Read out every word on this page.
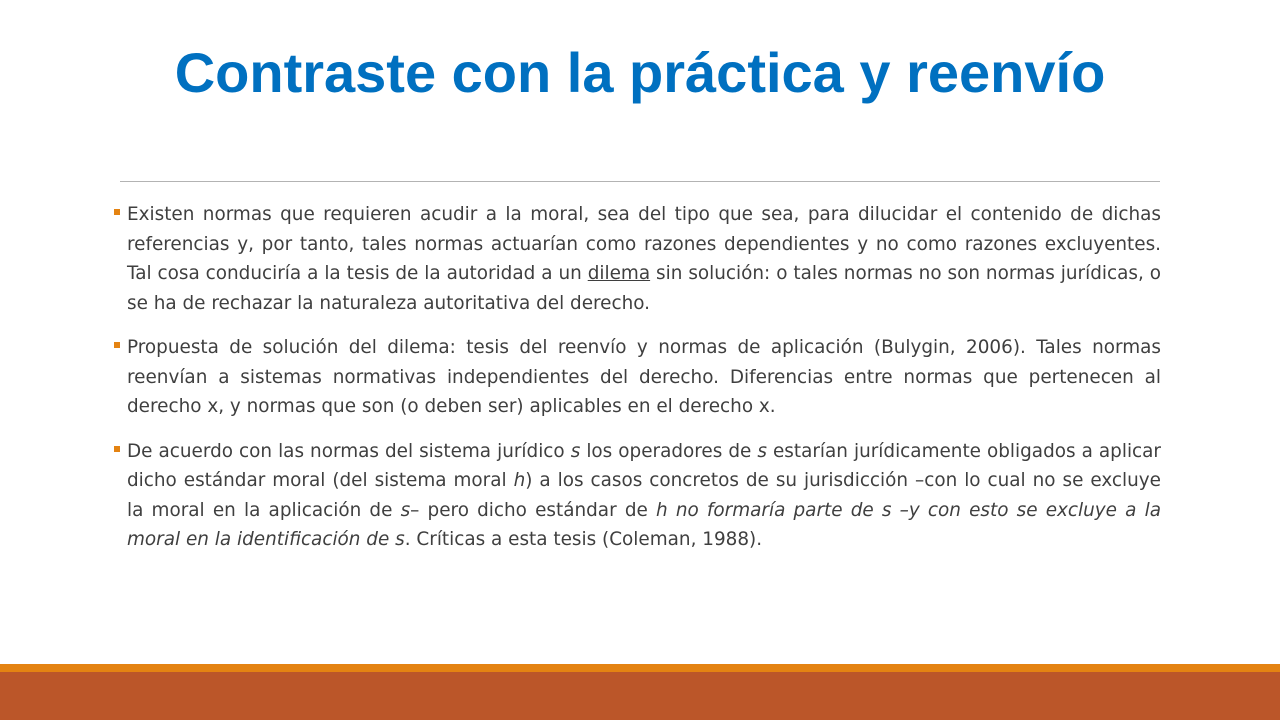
Contraste con la práctica y reenvío
Existen normas que requieren acudir a la moral, sea del tipo que sea, para dilucidar el contenido de dichas referencias y, por tanto, tales normas actuarían como razones dependientes y no como razones excluyentes. Tal cosa conduciría a la tesis de la autoridad a un dilema sin solución: o tales normas no son normas jurídicas, o se ha de rechazar la naturaleza autoritativa del derecho.
Propuesta de solución del dilema: tesis del reenvío y normas de aplicación (Bulygin, 2006). Tales normas reenvían a sistemas normativas independientes del derecho. Diferencias entre normas que pertenecen al derecho x, y normas que son (o deben ser) aplicables en el derecho x.
De acuerdo con las normas del sistema jurídico s los operadores de s estarían jurídicamente obligados a aplicar dicho estándar moral (del sistema moral h) a los casos concretos de su jurisdicción –con lo cual no se excluye la moral en la aplicación de s– pero dicho estándar de h no formaría parte de s –y con esto se excluye a la moral en la identificación de s. Críticas a esta tesis (Coleman, 1988).
